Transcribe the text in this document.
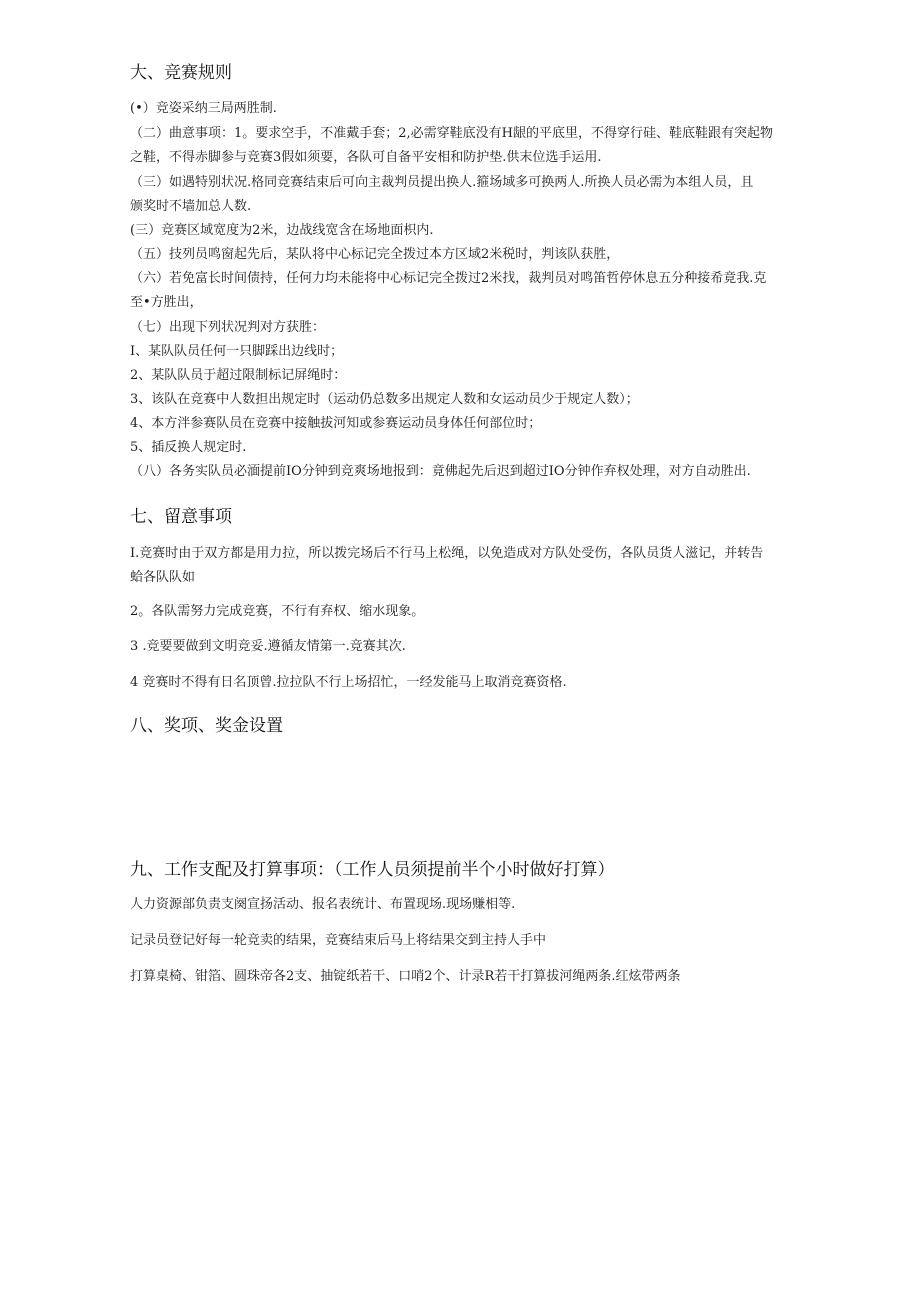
大、竞赛规则
(•）竞姿采纳三局两胜制.
（二）曲意事项：1。要求空手，不准戴手套；2,必需穿鞋底没有H龈的平底里，不得穿行硅、鞋底鞋跟有突起物
之鞋，不得赤脚参与竞赛3假如须要，各队可自备平安相和防护垫.供末位选手运用.
（三）如遇特别状况.格同竞赛结束后可向主裁判员提出换人.箍场域多可换两人.所换人员必需为本组人员，且
颁奖时不墙加总人数.
(三）竞赛区域宽度为2米，边战线宽含在场地面枳内.
（五）技列员鸣窗起先后，某队将中心标记完全拨过本方区域2米税时，判该队获胜，
（六）若免富长时间债持，任何力均未能将中心标记完全拨过2米找，裁判员对鸣笛哲停休息五分种接希竟我.克
至•方胜出，
（七）出现下列状况判对方获胜：
I、某队队员任何一只脚踩出边线时；
2、某队队员于超过限制标记屏绳时：
3、该队在竞赛中人数担出规定时（运动仍总数多出规定人数和女运动员少于规定人数）；
4、本方泮参赛队员在竞赛中接触拔河知或参赛运动员身体任何部位时；
5、插反换人规定时.
（八）各务实队员必湎提前IO分钟到竞爽场地报到：竟佛起先后迟到超过IO分钟作弃权处理，对方自动胜出.
七、留意事项
I.竞赛时由于双方都是用力拉，所以拨完场后不行马上松绳，以免造成对方队处受伤，各队员货人滋记，并转告
蛤各队队如
2。各队需努力完成竞赛，不行有弃权、缩水现象。
3 .竞要要做到文明竞妥.遵循友情第一.竞赛其次.
4 竞赛时不得有日名顶曾.拉拉队不行上场招忙，一经发能马上取消竞赛资格.
八、奖项、奖金设置
九、工作支配及打算事项：（工作人员须提前半个小时做好打算）
人力资源部负责支阕宣扬活动、报名表统计、布置现场.现场赚相等.
记录员登记好每一轮竞卖的结果，竞赛结束后马上将结果交到主持人手中
打算桌椅、钳箔、圆珠帝各2支、抽锭纸若干、口哨2个、计录R若干打算拔河绳两条.红炫带两条
